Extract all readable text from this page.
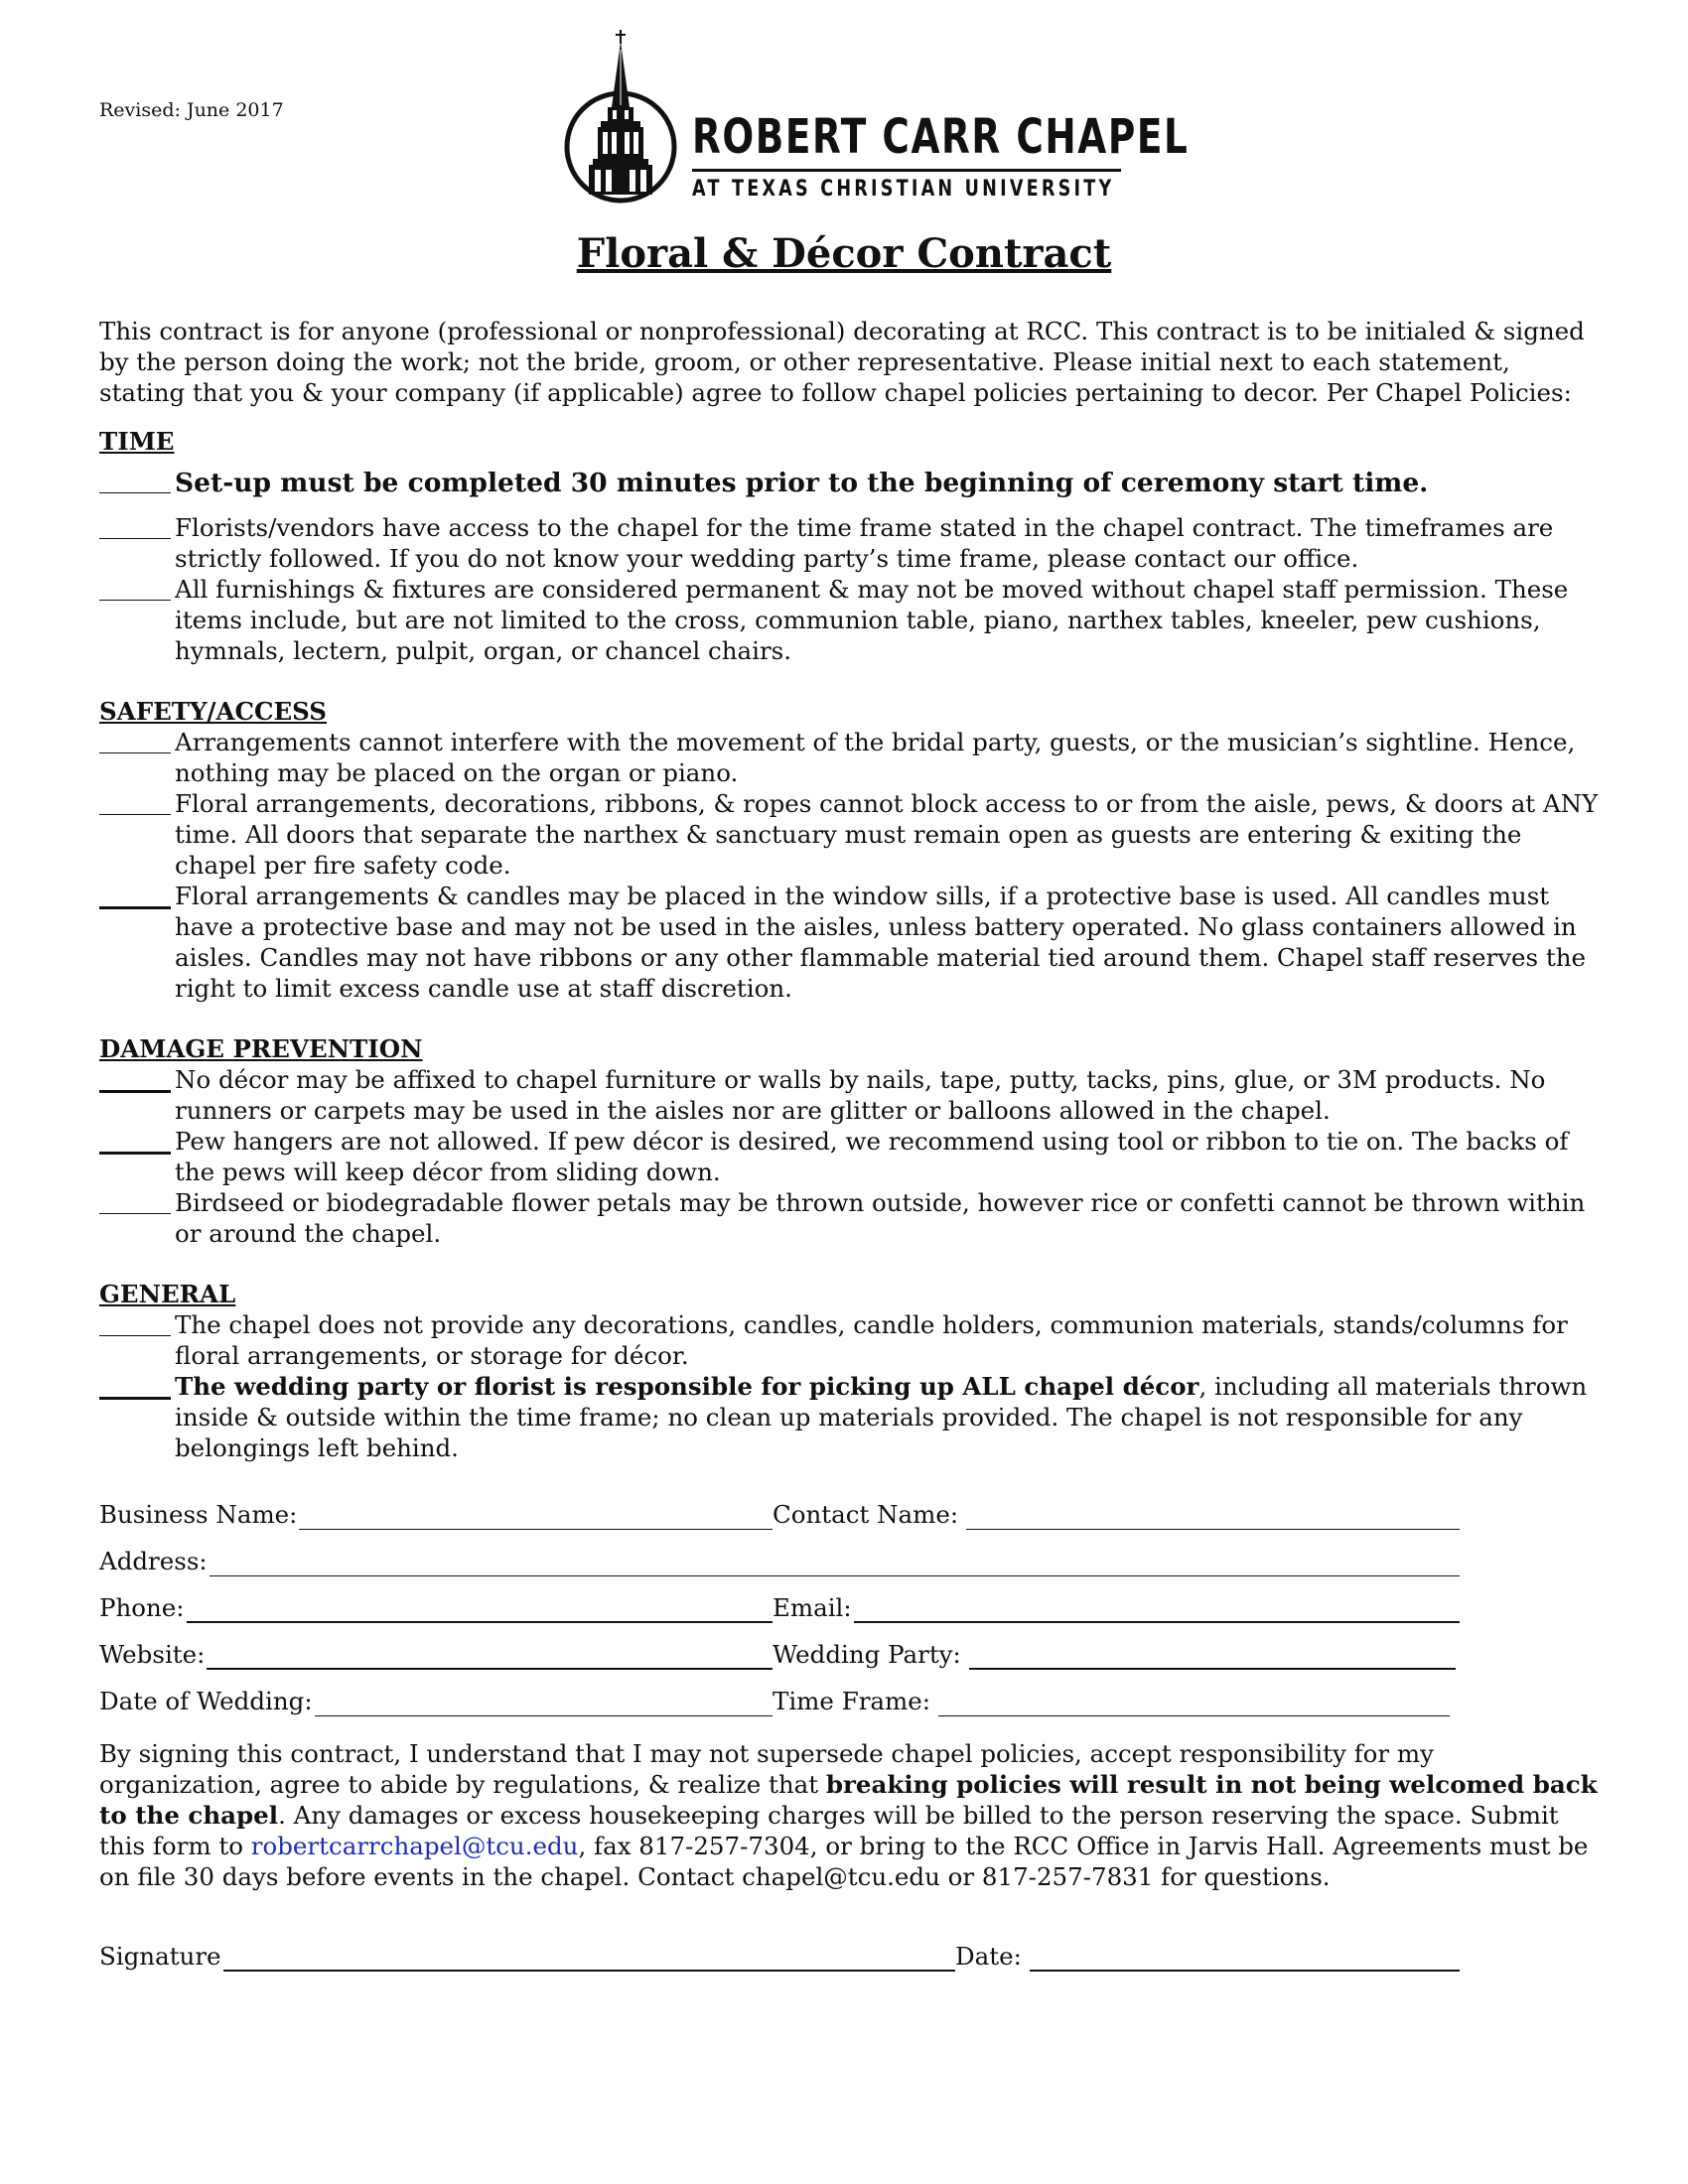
Revised: June 2017	ROBERT CARR CHAPEL
AT TEXAS CHRISTIAN UNIVERSITY
Floral & Décor Contract

This contract is for anyone (professional or nonprofessional) decorating at RCC. This contract is to be initialed & signed by the person doing the work; not the bride, groom, or other representative. Please initial next to each statement, stating that you & your company (if applicable) agree to follow chapel policies pertaining to decor. Per Chapel Policies:

TIME

Set-up must be completed 30 minutes prior to the beginning of ceremony start time.
Florists/vendors have access to the chapel for the time frame stated in the chapel contract. The timeframes are strictly followed. If you do not know your wedding party’s time frame, please contact our office.
All furnishings & fixtures are considered permanent & may not be moved without chapel staff permission. These items include, but are not limited to the cross, communion table, piano, narthex tables, kneeler, pew cushions, hymnals, lectern, pulpit, organ, or chancel chairs.

SAFETY/ACCESS

Arrangements cannot interfere with the movement of the bridal party, guests, or the musician’s sightline. Hence, nothing may be placed on the organ or piano.
Floral arrangements, decorations, ribbons, & ropes cannot block access to or from the aisle, pews, & doors at ANY time. All doors that separate the narthex & sanctuary must remain open as guests are entering & exiting the chapel per fire safety code.
Floral arrangements & candles may be placed in the window sills, if a protective base is used. All candles must have a protective base and may not be used in the aisles, unless battery operated. No glass containers allowed in aisles. Candles may not have ribbons or any other flammable material tied around them. Chapel staff reserves the right to limit excess candle use at staff discretion.

DAMAGE PREVENTION

No décor may be affixed to chapel furniture or walls by nails, tape, putty, tacks, pins, glue, or 3M products. No runners or carpets may be used in the aisles nor are glitter or balloons allowed in the chapel.
Pew hangers are not allowed. If pew décor is desired, we recommend using tool or ribbon to tie on. The backs of the pews will keep décor from sliding down.
Birdseed or biodegradable flower petals may be thrown outside, however rice or confetti cannot be thrown within or around the chapel.

GENERAL

The chapel does not provide any decorations, candles, candle holders, communion materials, stands/columns for floral arrangements, or storage for décor.
The wedding party or florist is responsible for picking up ALL chapel décor, including all materials thrown inside & outside within the time frame; no clean up materials provided. The chapel is not responsible for any belongings left behind.
Business Name:	Contact Name:
Address:
Phone:	Email:
Website:	Wedding Party:
Date of Wedding:	Time Frame:

By signing this contract, I understand that I may not supersede chapel policies, accept responsibility for my organization, agree to abide by regulations, & realize that breaking policies will result in not being welcomed back to the chapel. Any damages or excess housekeeping charges will be billed to the person reserving the space. Submit this form to robertcarrchapel@tcu.edu, fax 817-257-7304, or bring to the RCC Office in Jarvis Hall. Agreements must be on file 30 days before events in the chapel. Contact chapel@tcu.edu or 817-257-7831 for questions.

Signature	Date:
